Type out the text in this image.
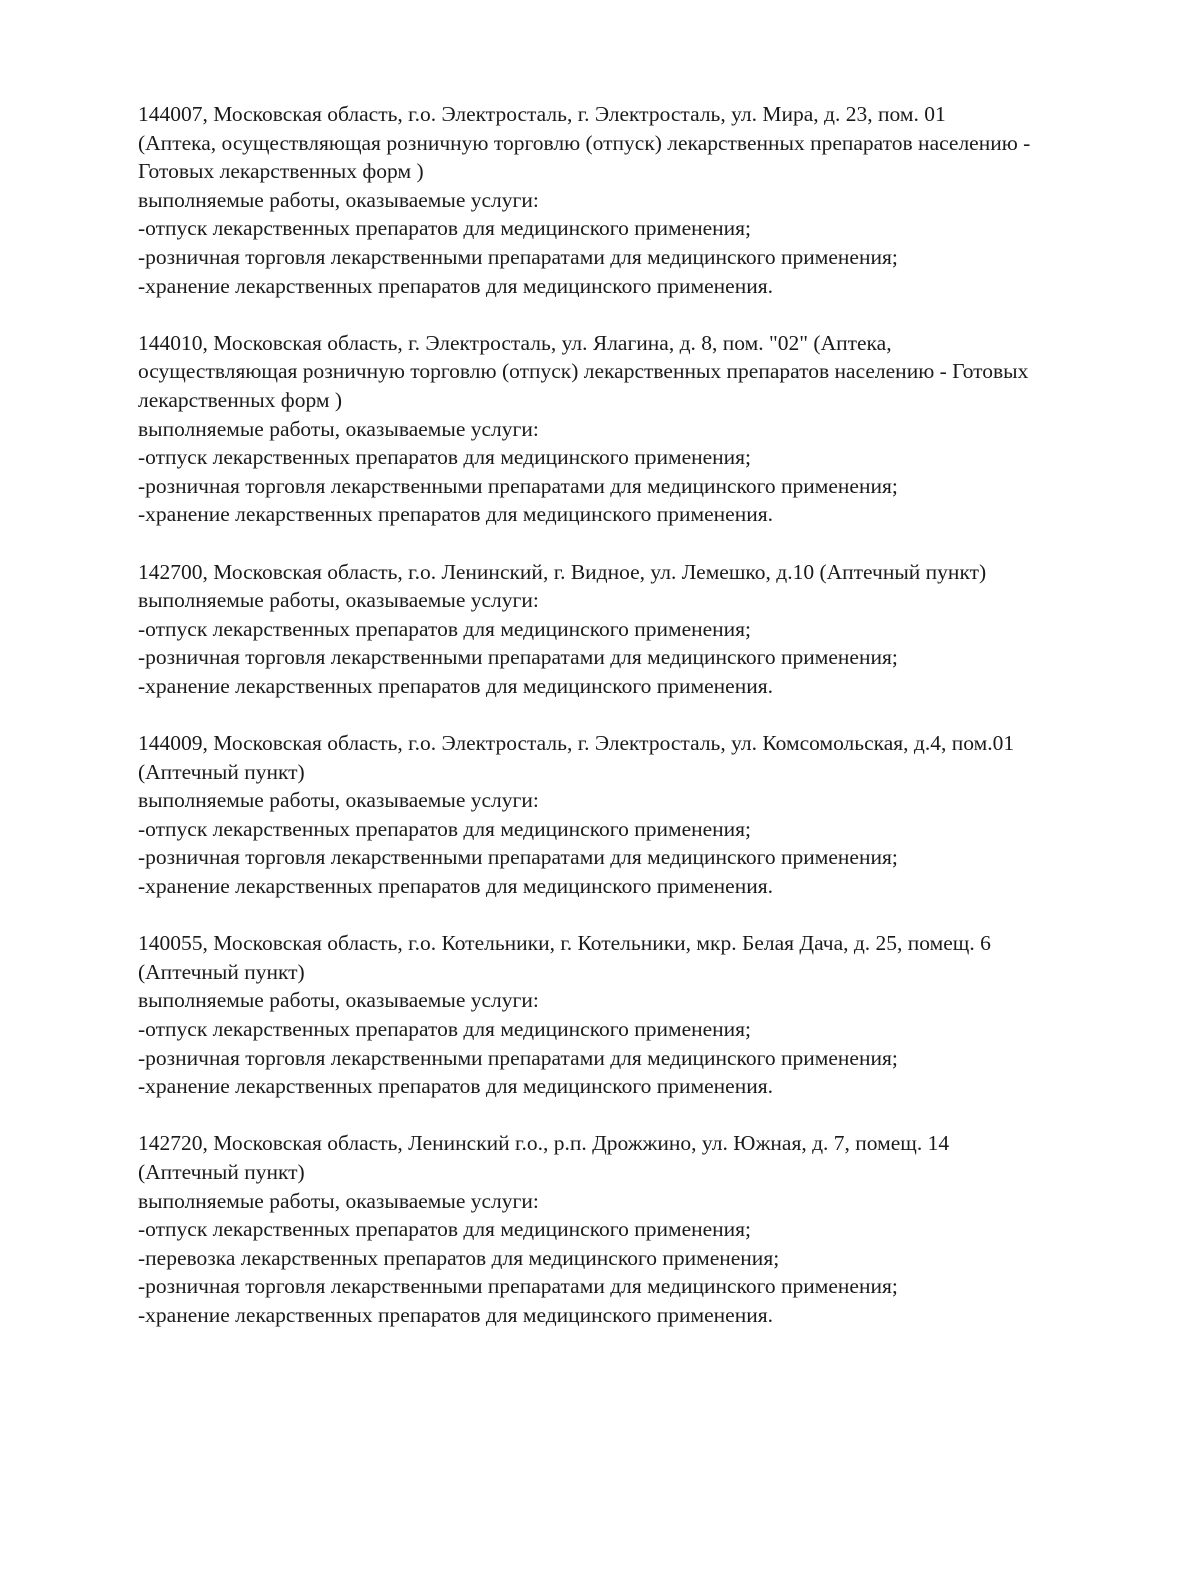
144007, Московская область, г.о. Электросталь, г. Электросталь, ул. Мира, д. 23, пом. 01
(Аптека, осуществляющая розничную торговлю (отпуск) лекарственных препаратов населению -
Готовых лекарственных форм )
выполняемые работы, оказываемые услуги:
-отпуск лекарственных препаратов для медицинского применения;
-розничная торговля лекарственными препаратами для медицинского применения;
-хранение лекарственных препаратов для медицинского применения.
144010, Московская область, г. Электросталь, ул. Ялагина, д. 8, пом. "02" (Аптека,
осуществляющая розничную торговлю (отпуск) лекарственных препаратов населению - Готовых
лекарственных форм )
выполняемые работы, оказываемые услуги:
-отпуск лекарственных препаратов для медицинского применения;
-розничная торговля лекарственными препаратами для медицинского применения;
-хранение лекарственных препаратов для медицинского применения.
142700, Московская область, г.о. Ленинский, г. Видное, ул. Лемешко, д.10 (Аптечный пункт)
выполняемые работы, оказываемые услуги:
-отпуск лекарственных препаратов для медицинского применения;
-розничная торговля лекарственными препаратами для медицинского применения;
-хранение лекарственных препаратов для медицинского применения.
144009, Московская область, г.о. Электросталь, г. Электросталь, ул. Комсомольская, д.4, пом.01
(Аптечный пункт)
выполняемые работы, оказываемые услуги:
-отпуск лекарственных препаратов для медицинского применения;
-розничная торговля лекарственными препаратами для медицинского применения;
-хранение лекарственных препаратов для медицинского применения.
140055, Московская область, г.о. Котельники, г. Котельники, мкр. Белая Дача, д. 25, помещ. 6
(Аптечный пункт)
выполняемые работы, оказываемые услуги:
-отпуск лекарственных препаратов для медицинского применения;
-розничная торговля лекарственными препаратами для медицинского применения;
-хранение лекарственных препаратов для медицинского применения.
142720, Московская область, Ленинский г.о., р.п. Дрожжино, ул. Южная, д. 7, помещ. 14
(Аптечный пункт)
выполняемые работы, оказываемые услуги:
-отпуск лекарственных препаратов для медицинского применения;
-перевозка лекарственных препаратов для медицинского применения;
-розничная торговля лекарственными препаратами для медицинского применения;
-хранение лекарственных препаратов для медицинского применения.
